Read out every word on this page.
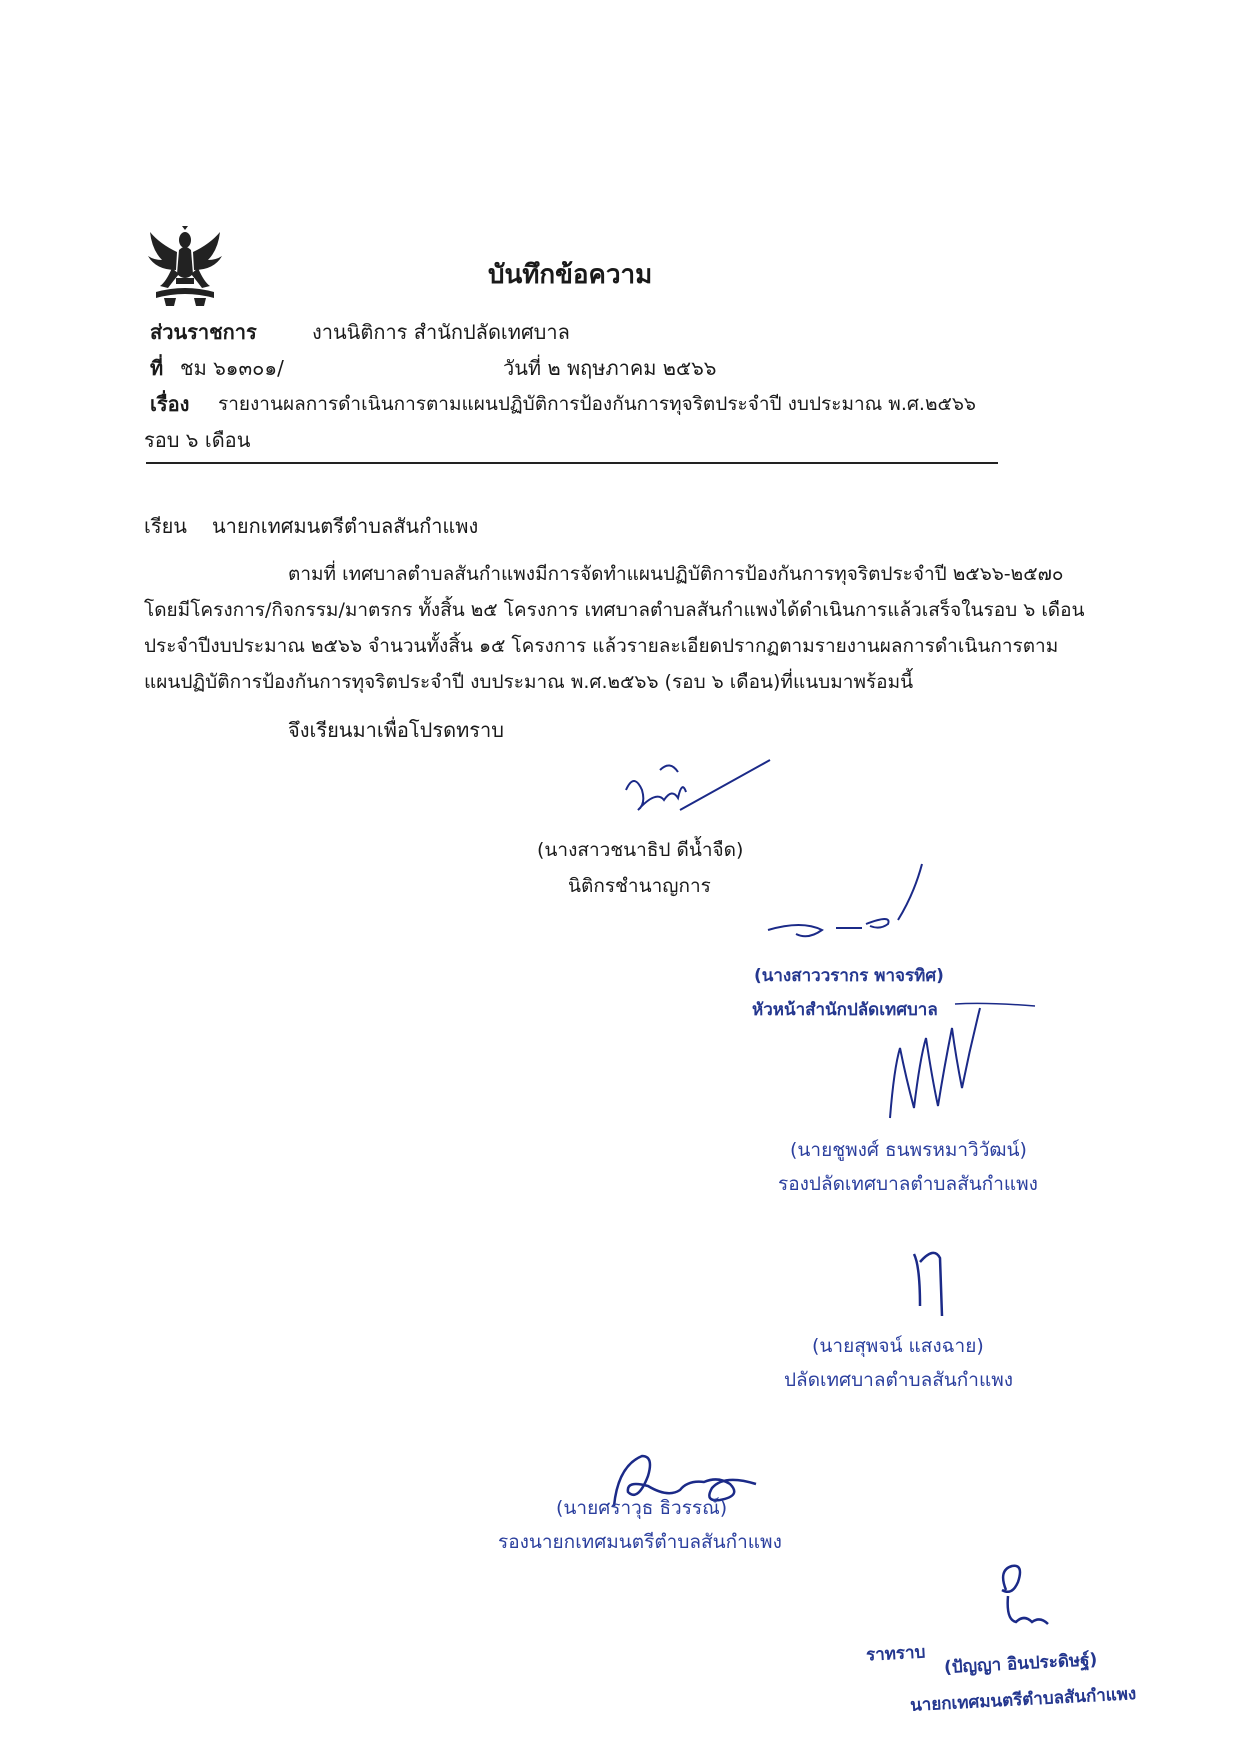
บันทึกข้อความ
ส่วนราชการ	งานนิติการ สำนักปลัดเทศบาล
ที่ ชม ๖๑๓๐๑/	วันที่ ๒ พฤษภาคม ๒๕๖๖
เรื่อง รายงานผลการดำเนินการตามแผนปฏิบัติการป้องกันการทุจริตประจำปี งบประมาณ พ.ศ.๒๕๖๖
รอบ ๖ เดือน
เรียน นายกเทศมนตรีตำบลสันกำแพง
ตามที่ เทศบาลตำบลสันกำแพงมีการจัดทำแผนปฏิบัติการป้องกันการทุจริตประจำปี ๒๕๖๖-๒๕๗๐
โดยมีโครงการ/กิจกรรม/มาตรกร ทั้งสิ้น ๒๕ โครงการ เทศบาลตำบลสันกำแพงได้ดำเนินการแล้วเสร็จในรอบ ๖ เดือน
ประจำปีงบประมาณ ๒๕๖๖ จำนวนทั้งสิ้น ๑๕ โครงการ แล้วรายละเอียดปรากฏตามรายงานผลการดำเนินการตาม
แผนปฏิบัติการป้องกันการทุจริตประจำปี งบประมาณ พ.ศ.๒๕๖๖ (รอบ ๖ เดือน)ที่แนบมาพร้อมนี้
จึงเรียนมาเพื่อโปรดทราบ
(นางสาวชนาธิป ดีน้ำจืด)
นิติกรชำนาญการ
(นางสาววรากร พาจรทิศ)
หัวหน้าสำนักปลัดเทศบาล
(นายชูพงศ์ ธนพรหมาวิวัฒน์)
รองปลัดเทศบาลตำบลสันกำแพง
(นายสุพจน์ แสงฉาย)
ปลัดเทศบาลตำบลสันกำแพง
(นายศราวุธ ธิวรรณ์)
รองนายกเทศมนตรีตำบลสันกำแพง
ราทราบ (ปัญญา อินประดิษฐ์)
นายกเทศมนตรีตำบลสันกำแพง
